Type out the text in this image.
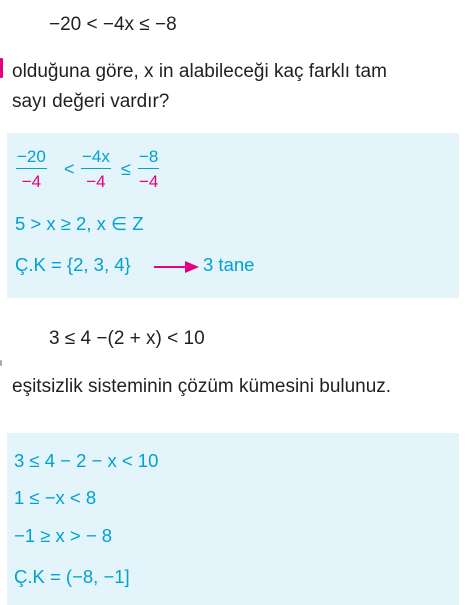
−20 < −4x ≤ −8
olduğuna göre, x in alabileceği kaç farklı tam
sayı değeri vardır?
−20
−4
<
−4x
−4
≤
−8
−4
5 > x ≥ 2, x ∈ Z
Ç.K = {2, 3, 4}	3 tane
3 ≤ 4 −(2 + x) < 10
eşitsizlik sisteminin çözüm kümesini bulunuz.
3 ≤ 4 − 2 − x < 10
1 ≤ −x < 8
−1 ≥ x > − 8
Ç.K = (−8, −1]
